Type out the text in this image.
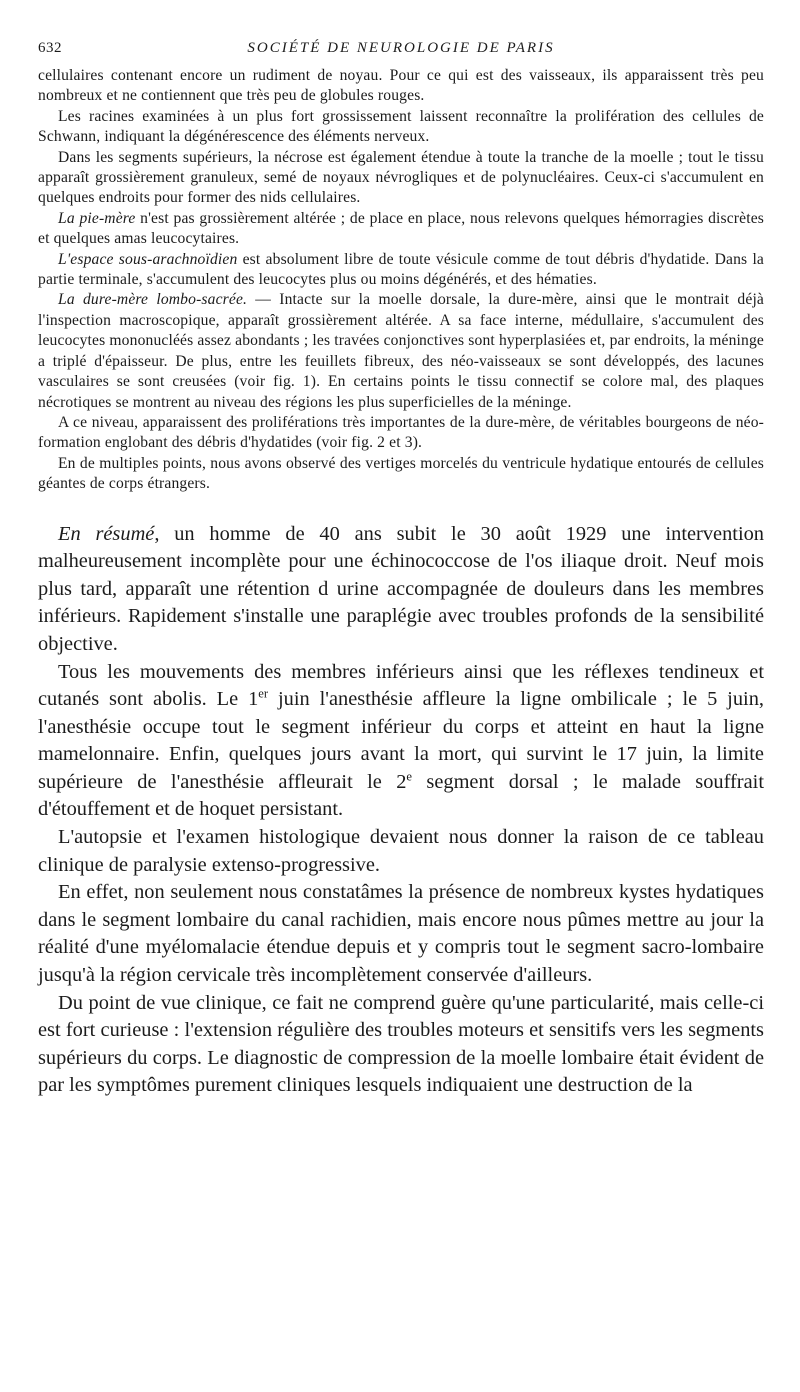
632	SOCIÉTÉ DE NEUROLOGIE DE PARIS

cellulaires contenant encore un rudiment de noyau. Pour ce qui est des vaisseaux, ils apparaissent très peu nombreux et ne contiennent que très peu de globules rouges.

Les racines examinées à un plus fort grossissement laissent reconnaître la prolifération des cellules de Schwann, indiquant la dégénérescence des éléments nerveux.

Dans les segments supérieurs, la nécrose est également étendue à toute la tranche de la moelle ; tout le tissu apparaît grossièrement granuleux, semé de noyaux névrogliques et de polynucléaires. Ceux-ci s'accumulent en quelques endroits pour former des nids cellulaires.

La pie-mère n'est pas grossièrement altérée ; de place en place, nous relevons quelques hémorragies discrètes et quelques amas leucocytaires.

L'espace sous-arachnoïdien est absolument libre de toute vésicule comme de tout débris d'hydatide. Dans la partie terminale, s'accumulent des leucocytes plus ou moins dégénérés, et des hématies.

La dure-mère lombo-sacrée. — Intacte sur la moelle dorsale, la dure-mère, ainsi que le montrait déjà l'inspection macroscopique, apparaît grossièrement altérée. A sa face interne, médullaire, s'accumulent des leucocytes mononucléés assez abondants ; les travées conjonctives sont hyperplasiées et, par endroits, la méninge a triplé d'épaisseur. De plus, entre les feuillets fibreux, des néo-vaisseaux se sont développés, des lacunes vasculaires se sont creusées (voir fig. 1). En certains points le tissu connectif se colore mal, des plaques nécrotiques se montrent au niveau des régions les plus superficielles de la méninge.

A ce niveau, apparaissent des proliférations très importantes de la dure-mère, de véritables bourgeons de néo-formation englobant des débris d'hydatides (voir fig. 2 et 3).

En de multiples points, nous avons observé des vertiges morcelés du ventricule hydatique entourés de cellules géantes de corps étrangers.

En résumé, un homme de 40 ans subit le 30 août 1929 une intervention malheureusement incomplète pour une échinococcose de l'os iliaque droit. Neuf mois plus tard, apparaît une rétention d urine accompagnée de douleurs dans les membres inférieurs. Rapidement s'installe une paraplégie avec troubles profonds de la sensibilité objective.

Tous les mouvements des membres inférieurs ainsi que les réflexes tendineux et cutanés sont abolis. Le 1er juin l'anesthésie affleure la ligne ombilicale ; le 5 juin, l'anesthésie occupe tout le segment inférieur du corps et atteint en haut la ligne mamelonnaire. Enfin, quelques jours avant la mort, qui survint le 17 juin, la limite supérieure de l'anesthésie affleurait le 2e segment dorsal ; le malade souffrait d'étouffement et de hoquet persistant.

L'autopsie et l'examen histologique devaient nous donner la raison de ce tableau clinique de paralysie extenso-progressive.

En effet, non seulement nous constatâmes la présence de nombreux kystes hydatiques dans le segment lombaire du canal rachidien, mais encore nous pûmes mettre au jour la réalité d'une myélomalacie étendue depuis et y compris tout le segment sacro-lombaire jusqu'à la région cervicale très incomplètement conservée d'ailleurs.

Du point de vue clinique, ce fait ne comprend guère qu'une particularité, mais celle-ci est fort curieuse : l'extension régulière des troubles moteurs et sensitifs vers les segments supérieurs du corps. Le diagnostic de compression de la moelle lombaire était évident de par les symptômes purement cliniques lesquels indiquaient une destruction de la
